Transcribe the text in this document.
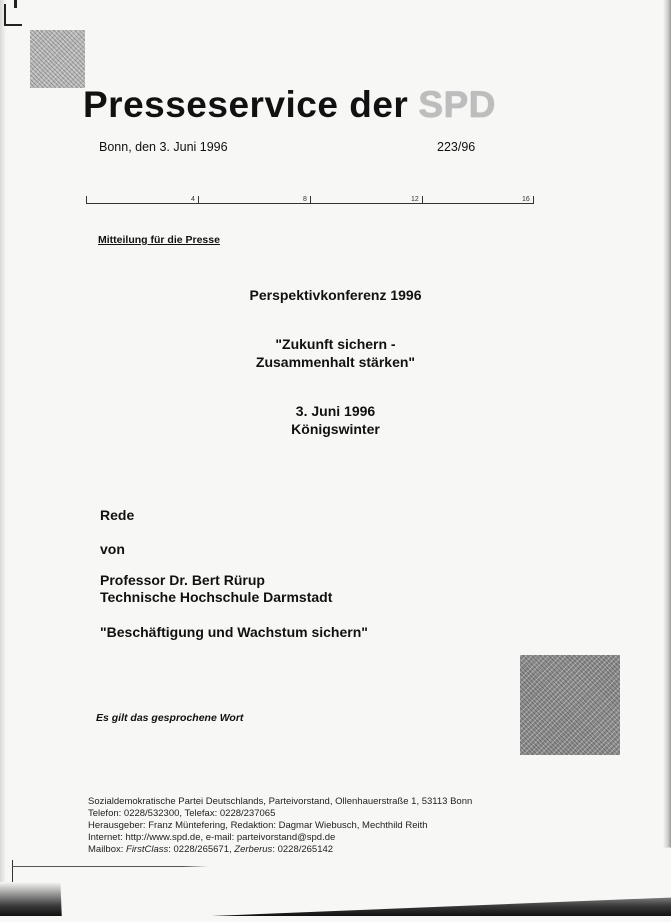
Presseservice der SPD
Bonn, den 3. Juni 1996	223/96
4	8	12	16
Mitteilung für die Presse
Perspektivkonferenz 1996
"Zukunft sichern -
Zusammenhalt stärken"
3. Juni 1996
Königswinter
Rede
von
Professor Dr. Bert Rürup
Technische Hochschule Darmstadt
"Beschäftigung und Wachstum sichern"
Es gilt das gesprochene Wort
Sozialdemokratische Partei Deutschlands, Parteivorstand, Ollenhauerstraße 1, 53113 Bonn
Telefon: 0228/532300, Telefax: 0228/237065
Herausgeber: Franz Müntefering, Redaktion: Dagmar Wiebusch, Mechthild Reith
Internet: http://www.spd.de, e-mail: parteivorstand@spd.de
Mailbox: FirstClass: 0228/265671, Zerberus: 0228/265142
